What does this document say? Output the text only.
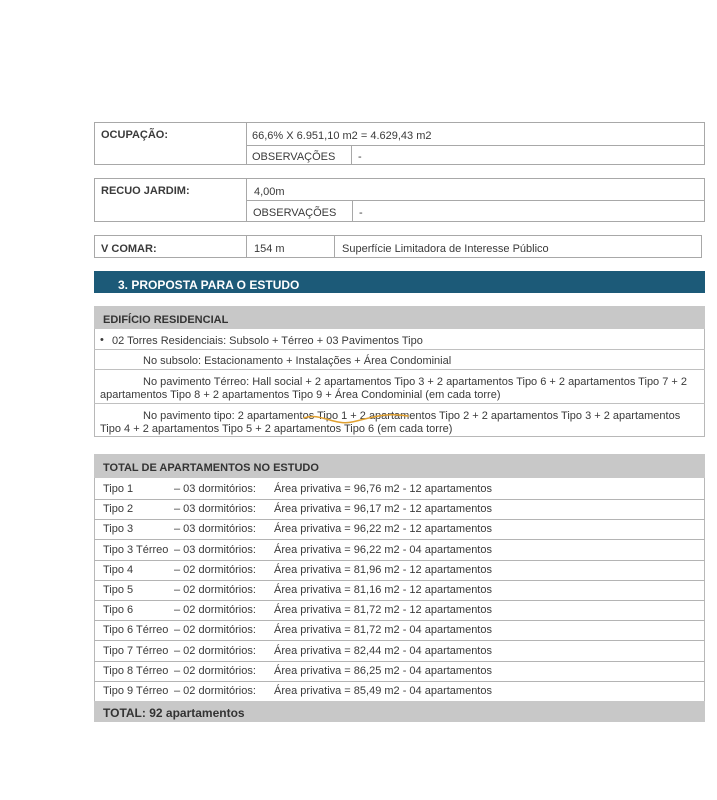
OCUPAÇÃO:	66,6% X 6.951,10 m2 = 4.629,43 m2
OBSERVAÇÕES -
RECUO JARDIM:	4,00m
OBSERVAÇÕES -
V COMAR:	154 m	Superfície Limitadora de Interesse Público
3. PROPOSTA PARA O ESTUDO
EDIFÍCIO RESIDENCIAL
• 02 Torres Residenciais: Subsolo + Térreo + 03 Pavimentos Tipo
No subsolo: Estacionamento + Instalações + Área Condominial
No pavimento Térreo: Hall social + 2 apartamentos Tipo 3 + 2 apartamentos Tipo 6 + 2 apartamentos Tipo 7 + 2
apartamentos Tipo 8 + 2 apartamentos Tipo 9 + Área Condominial (em cada torre)
No pavimento tipo: 2 apartamentos Tipo 1 + 2 apartamentos Tipo 2 + 2 apartamentos Tipo 3 + 2 apartamentos
Tipo 4 + 2 apartamentos Tipo 5 + 2 apartamentos Tipo 6 (em cada torre)
TOTAL DE APARTAMENTOS NO ESTUDO
Tipo 1	– 03 dormitórios: Área privativa = 96,76 m2 - 12 apartamentos
Tipo 2	– 03 dormitórios: Área privativa = 96,17 m2 - 12 apartamentos
Tipo 3	– 03 dormitórios: Área privativa = 96,22 m2 - 12 apartamentos
Tipo 3 Térreo – 03 dormitórios: Área privativa = 96,22 m2 - 04 apartamentos
Tipo 4	– 02 dormitórios: Área privativa = 81,96 m2 - 12 apartamentos
Tipo 5	– 02 dormitórios: Área privativa = 81,16 m2 - 12 apartamentos
Tipo 6	– 02 dormitórios: Área privativa = 81,72 m2 - 12 apartamentos
Tipo 6 Térreo – 02 dormitórios: Área privativa = 81,72 m2 - 04 apartamentos
Tipo 7 Térreo – 02 dormitórios: Área privativa = 82,44 m2 - 04 apartamentos
Tipo 8 Térreo – 02 dormitórios: Área privativa = 86,25 m2 - 04 apartamentos
Tipo 9 Térreo – 02 dormitórios: Área privativa = 85,49 m2 - 04 apartamentos
TOTAL: 92 apartamentos
